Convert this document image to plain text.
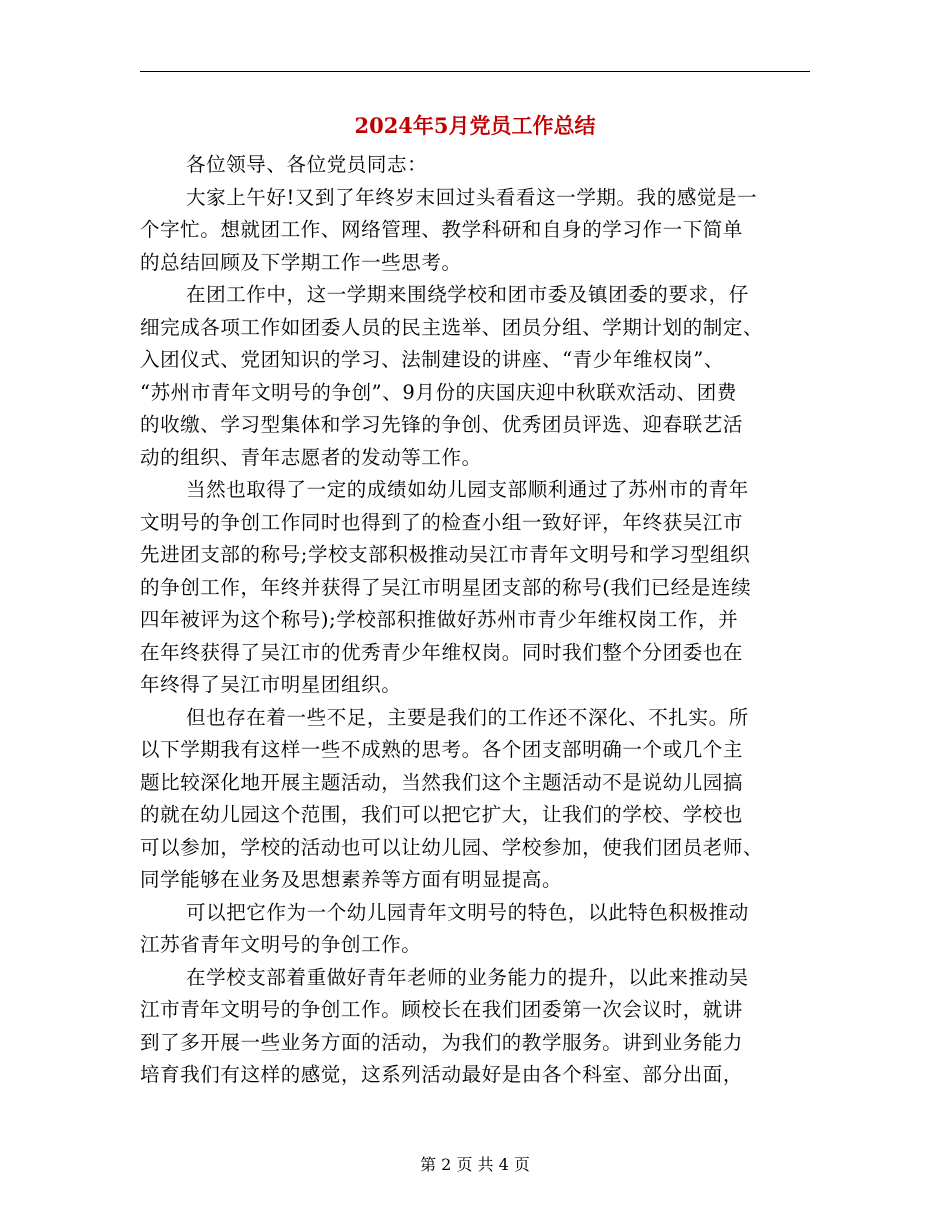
2024年5月党员工作总结
各位领导、各位党员同志：
大家上午好!又到了年终岁末回过头看看这一学期。我的感觉是一
个字忙。想就团工作、网络管理、教学科研和自身的学习作一下简单
的总结回顾及下学期工作一些思考。
在团工作中，这一学期来围绕学校和团市委及镇团委的要求，仔
细完成各项工作如团委人员的民主选举、团员分组、学期计划的制定、
入团仪式、党团知识的学习、法制建设的讲座、“青少年维权岗”、
“苏州市青年文明号的争创”、9月份的庆国庆迎中秋联欢活动、团费
的收缴、学习型集体和学习先锋的争创、优秀团员评选、迎春联艺活
动的组织、青年志愿者的发动等工作。
当然也取得了一定的成绩如幼儿园支部顺利通过了苏州市的青年
文明号的争创工作同时也得到了的检查小组一致好评，年终获吴江市
先进团支部的称号;学校支部积极推动吴江市青年文明号和学习型组织
的争创工作，年终并获得了吴江市明星团支部的称号(我们已经是连续
四年被评为这个称号);学校部积推做好苏州市青少年维权岗工作，并
在年终获得了吴江市的优秀青少年维权岗。同时我们整个分团委也在
年终得了吴江市明星团组织。
但也存在着一些不足，主要是我们的工作还不深化、不扎实。所
以下学期我有这样一些不成熟的思考。各个团支部明确一个或几个主
题比较深化地开展主题活动，当然我们这个主题活动不是说幼儿园搞
的就在幼儿园这个范围，我们可以把它扩大，让我们的学校、学校也
可以参加，学校的活动也可以让幼儿园、学校参加，使我们团员老师、
同学能够在业务及思想素养等方面有明显提高。
可以把它作为一个幼儿园青年文明号的特色，以此特色积极推动
江苏省青年文明号的争创工作。
在学校支部着重做好青年老师的业务能力的提升，以此来推动吴
江市青年文明号的争创工作。顾校长在我们团委第一次会议时，就讲
到了多开展一些业务方面的活动，为我们的教学服务。讲到业务能力
培育我们有这样的感觉，这系列活动最好是由各个科室、部分出面，
第 2 页 共 4 页
